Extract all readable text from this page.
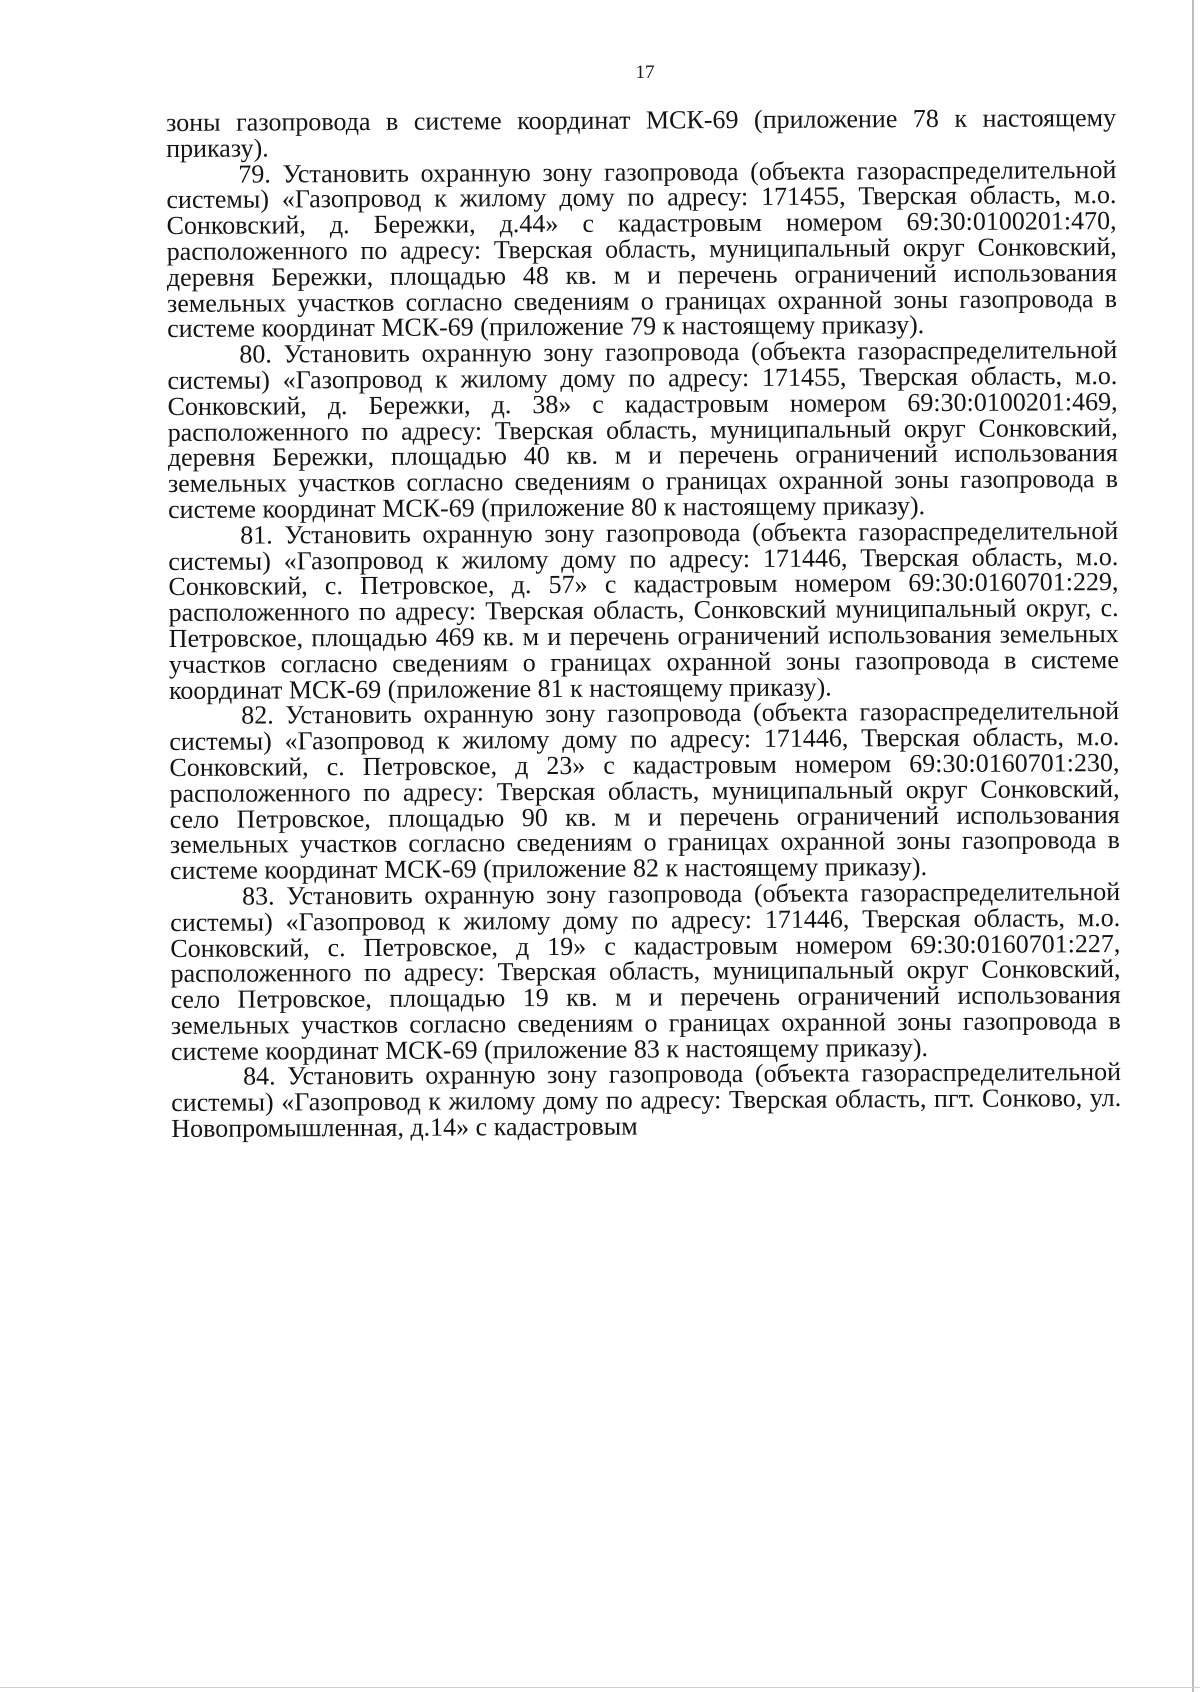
17

зоны газопровода в системе координат МСК-69 (приложение 78 к настоящему приказу).

79. Установить охранную зону газопровода (объекта газораспределительной системы) «Газопровод к жилому дому по адресу: 171455, Тверская область, м.о. Сонковский, д. Бережки, д.44» с кадастровым номером 69:30:0100201:470, расположенного по адресу: Тверская область, муниципальный округ Сонковский, деревня Бережки, площадью 48 кв. м и перечень ограничений использования земельных участков согласно сведениям о границах охранной зоны газопровода в системе координат МСК-69 (приложение 79 к настоящему приказу).

80. Установить охранную зону газопровода (объекта газораспределительной системы) «Газопровод к жилому дому по адресу: 171455, Тверская область, м.о. Сонковский, д. Бережки, д. 38» с кадастровым номером 69:30:0100201:469, расположенного по адресу: Тверская область, муниципальный округ Сонковский, деревня Бережки, площадью 40 кв. м и перечень ограничений использования земельных участков согласно сведениям о границах охранной зоны газопровода в системе координат МСК-69 (приложение 80 к настоящему приказу).

81. Установить охранную зону газопровода (объекта газораспределительной системы) «Газопровод к жилому дому по адресу: 171446, Тверская область, м.о. Сонковский, с. Петровское, д. 57» с кадастровым номером 69:30:0160701:229, расположенного по адресу: Тверская область, Сонковский муниципальный округ, с. Петровское, площадью 469 кв. м и перечень ограничений использования земельных участков согласно сведениям о границах охранной зоны газопровода в системе координат МСК-69 (приложение 81 к настоящему приказу).

82. Установить охранную зону газопровода (объекта газораспределительной системы) «Газопровод к жилому дому по адресу: 171446, Тверская область, м.о. Сонковский, с. Петровское, д 23» с кадастровым номером 69:30:0160701:230, расположенного по адресу: Тверская область, муниципальный округ Сонковский, село Петровское, площадью 90 кв. м и перечень ограничений использования земельных участков согласно сведениям о границах охранной зоны газопровода в системе координат МСК-69 (приложение 82 к настоящему приказу).

83. Установить охранную зону газопровода (объекта газораспределительной системы) «Газопровод к жилому дому по адресу: 171446, Тверская область, м.о. Сонковский, с. Петровское, д 19» с кадастровым номером 69:30:0160701:227, расположенного по адресу: Тверская область, муниципальный округ Сонковский, село Петровское, площадью 19 кв. м и перечень ограничений использования земельных участков согласно сведениям о границах охранной зоны газопровода в системе координат МСК-69 (приложение 83 к настоящему приказу).

84. Установить охранную зону газопровода (объекта газораспределительной системы) «Газопровод к жилому дому по адресу: Тверская область, пгт. Сонково, ул. Новопромышленная, д.14» с кадастровым
